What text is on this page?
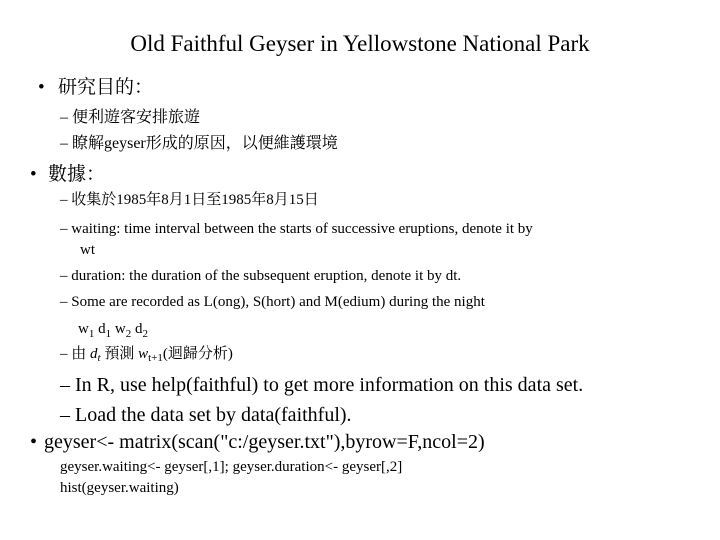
Old Faithful Geyser in Yellowstone National Park
• 研究目的：
– 便利遊客安排旅遊
– 瞭解geyser形成的原因，以便維護環境
• 數據：
– 收集於1985年8月1日至1985年8月15日
– waiting: time interval between the starts of successive eruptions, denote it by
wt
– duration: the duration of the subsequent eruption, denote it by dt.
– Some are recorded as L(ong), S(hort) and M(edium) during the night
$w_1$ $d_1$ $w_2$ $d_2$
– 由 $d_t$ 預測 $w_{t+1}$(迴歸分析)
– In R, use help(faithful) to get more information on this data set.
– Load the data set by data(faithful).
• geyser<- matrix(scan("c:/geyser.txt"),byrow=F,ncol=2)
geyser.waiting<- geyser[,1]; geyser.duration<- geyser[,2]
hist(geyser.waiting)
